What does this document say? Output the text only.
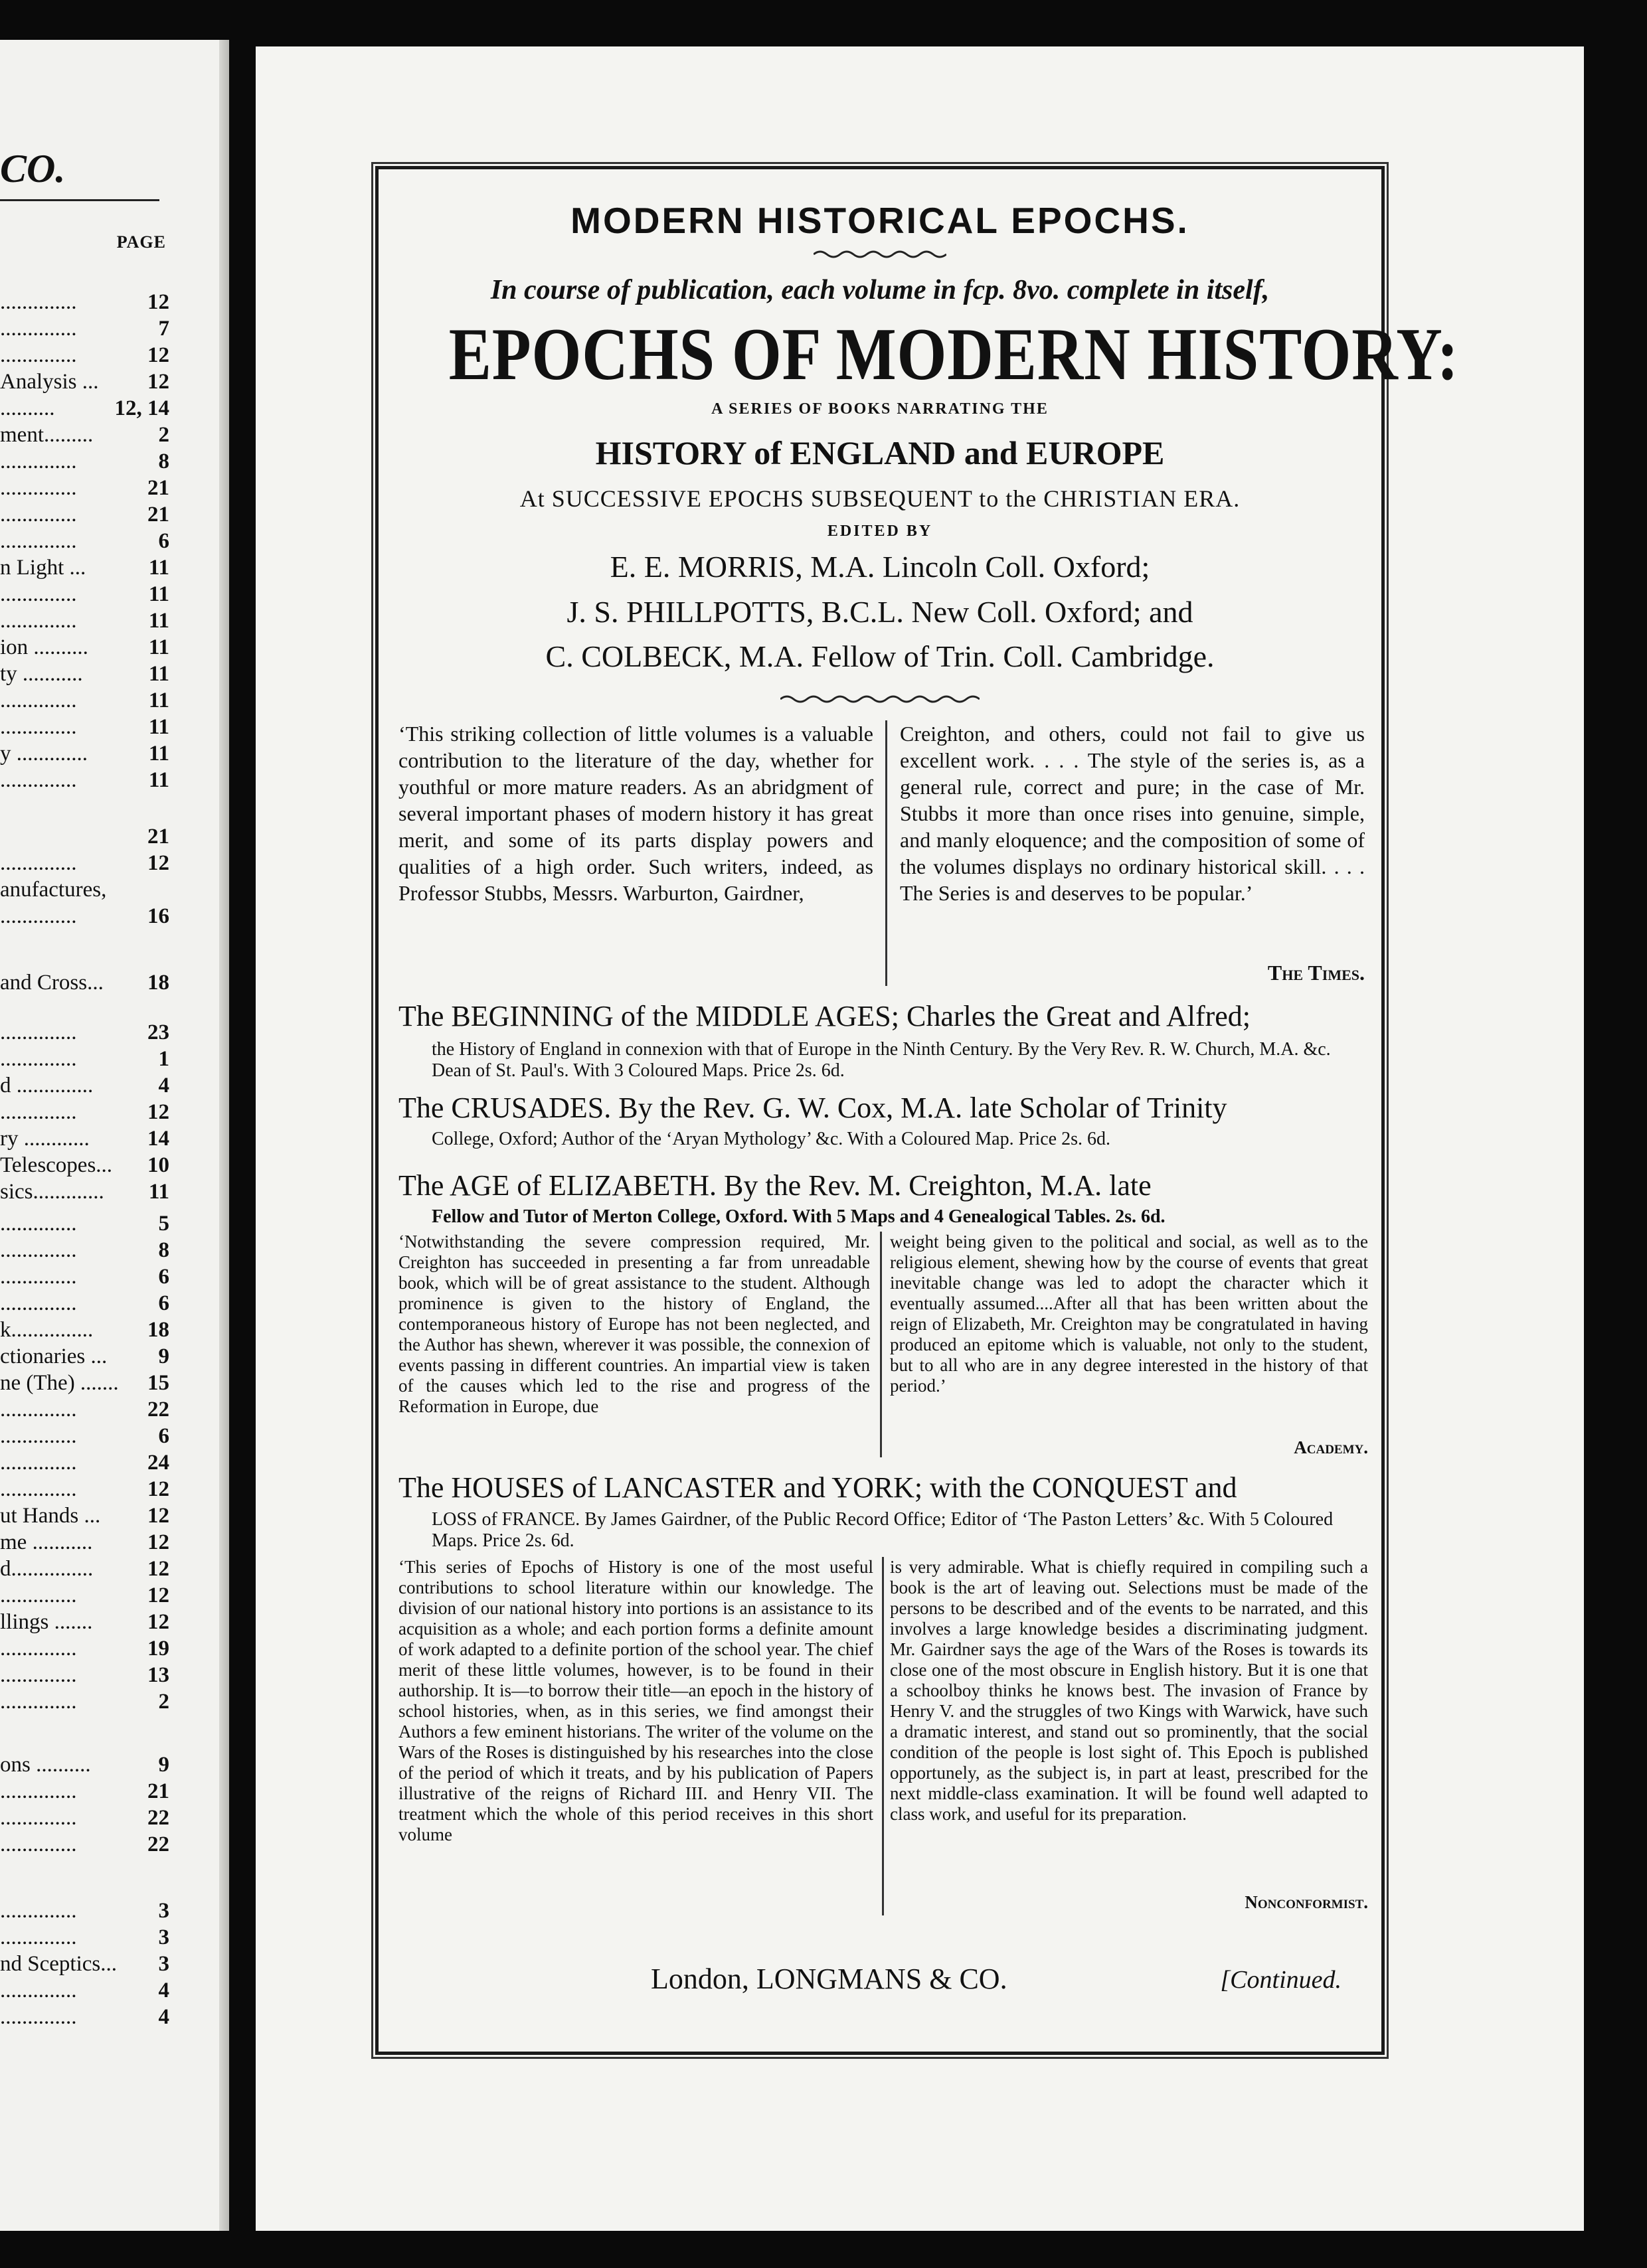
CO.
PAGE
..............	12
..............	7
..............	12
Analysis ... 12
..........	12, 14
ment.........	2
..............	8
..............	21
..............	21
..............	6
n Light ...	11
..............	11
..............	11
ion ..........	11
ty ...........	11
..............	11
..............	11
y .............	11
..............	11
21
..............	12
anufactures,
..............	16
and Cross... 18
..............	23
..............	1
d ..............	4
..............	12
ry ............	14
Telescopes... 10
sics............. 11
..............	5
..............	8
..............	6
..............	6
k............... 18
ctionaries ... 9
ne (The) ....... 15
..............	22
..............	6
..............	24
..............	12
ut Hands ... 12
me ...........	12
d............... 12
..............	12
llings .......	12
..............	19
..............	13
..............	2
ons ..........	9
..............	21
..............	22
..............	22
..............	3
..............	3
nd Sceptics... 3
..............	4
..............	4
MODERN HISTORICAL EPOCHS.
In course of publication, each volume in fcp. 8vo. complete in itself,
EPOCHS OF MODERN HISTORY:
A SERIES OF BOOKS NARRATING THE
HISTORY of ENGLAND and EUROPE
At SUCCESSIVE EPOCHS SUBSEQUENT to the CHRISTIAN ERA.
EDITED BY
E. E. MORRIS, M.A. Lincoln Coll. Oxford;
J. S. PHILLPOTTS, B.C.L. New Coll. Oxford; and
C. COLBECK, M.A. Fellow of Trin. Coll. Cambridge.
‘This striking collection of little volumes is a valuable contribution to the literature of the day, whether for youthful or more mature readers. As an abridgment of several important phases of modern history it has great merit, and some of its parts display powers and qualities of a high order. Such writers, indeed, as Professor Stubbs, Messrs. Warburton, Gairdner,
Creighton, and others, could not fail to give us excellent work. . . . The style of the series is, as a general rule, correct and pure; in the case of Mr. Stubbs it more than once rises into genuine, simple, and manly eloquence; and the composition of some of the volumes displays no ordinary historical skill. . . . The Series is and deserves to be popular.’
The Times.
The BEGINNING of the MIDDLE AGES; Charles the Great and Alfred;
the History of England in connexion with that of Europe in the Ninth Century. By the Very Rev. R. W. Church, M.A. &c. Dean of St. Paul's. With 3 Coloured Maps. Price 2s. 6d.
The CRUSADES. By the Rev. G. W. Cox, M.A. late Scholar of Trinity
College, Oxford; Author of the ‘Aryan Mythology’ &c. With a Coloured Map. Price 2s. 6d.
The AGE of ELIZABETH. By the Rev. M. Creighton, M.A. late
Fellow and Tutor of Merton College, Oxford. With 5 Maps and 4 Genealogical Tables. 2s. 6d.
‘Notwithstanding the severe compression required, Mr. Creighton has succeeded in presenting a far from unreadable book, which will be of great assistance to the student. Although prominence is given to the history of England, the contemporaneous history of Europe has not been neglected, and the Author has shewn, wherever it was possible, the connexion of events passing in different countries. An impartial view is taken of the causes which led to the rise and progress of the Reformation in Europe, due
weight being given to the political and social, as well as to the religious element, shewing how by the course of events that great inevitable change was led to adopt the character which it eventually assumed....After all that has been written about the reign of Elizabeth, Mr. Creighton may be congratulated in having produced an epitome which is valuable, not only to the student, but to all who are in any degree interested in the history of that period.’
Academy.
The HOUSES of LANCASTER and YORK; with the CONQUEST and
LOSS of FRANCE. By James Gairdner, of the Public Record Office; Editor of ‘The Paston Letters’ &c. With 5 Coloured Maps. Price 2s. 6d.
‘This series of Epochs of History is one of the most useful contributions to school literature within our knowledge. The division of our national history into portions is an assistance to its acquisition as a whole; and each portion forms a definite amount of work adapted to a definite portion of the school year. The chief merit of these little volumes, however, is to be found in their authorship. It is—to borrow their title—an epoch in the history of school histories, when, as in this series, we find amongst their Authors a few eminent historians. The writer of the volume on the Wars of the Roses is distinguished by his researches into the close of the period of which it treats, and by his publication of Papers illustrative of the reigns of Richard III. and Henry VII. The treatment which the whole of this period receives in this short volume
is very admirable. What is chiefly required in compiling such a book is the art of leaving out. Selections must be made of the persons to be described and of the events to be narrated, and this involves a large knowledge besides a discriminating judgment. Mr. Gairdner says the age of the Wars of the Roses is towards its close one of the most obscure in English history. But it is one that a schoolboy thinks he knows best. The invasion of France by Henry V. and the struggles of two Kings with Warwick, have such a dramatic interest, and stand out so prominently, that the social condition of the people is lost sight of. This Epoch is published opportunely, as the subject is, in part at least, prescribed for the next middle-class examination. It will be found well adapted to class work, and useful for its preparation.
Nonconformist.
London, LONGMANS & CO.	[Continued.
